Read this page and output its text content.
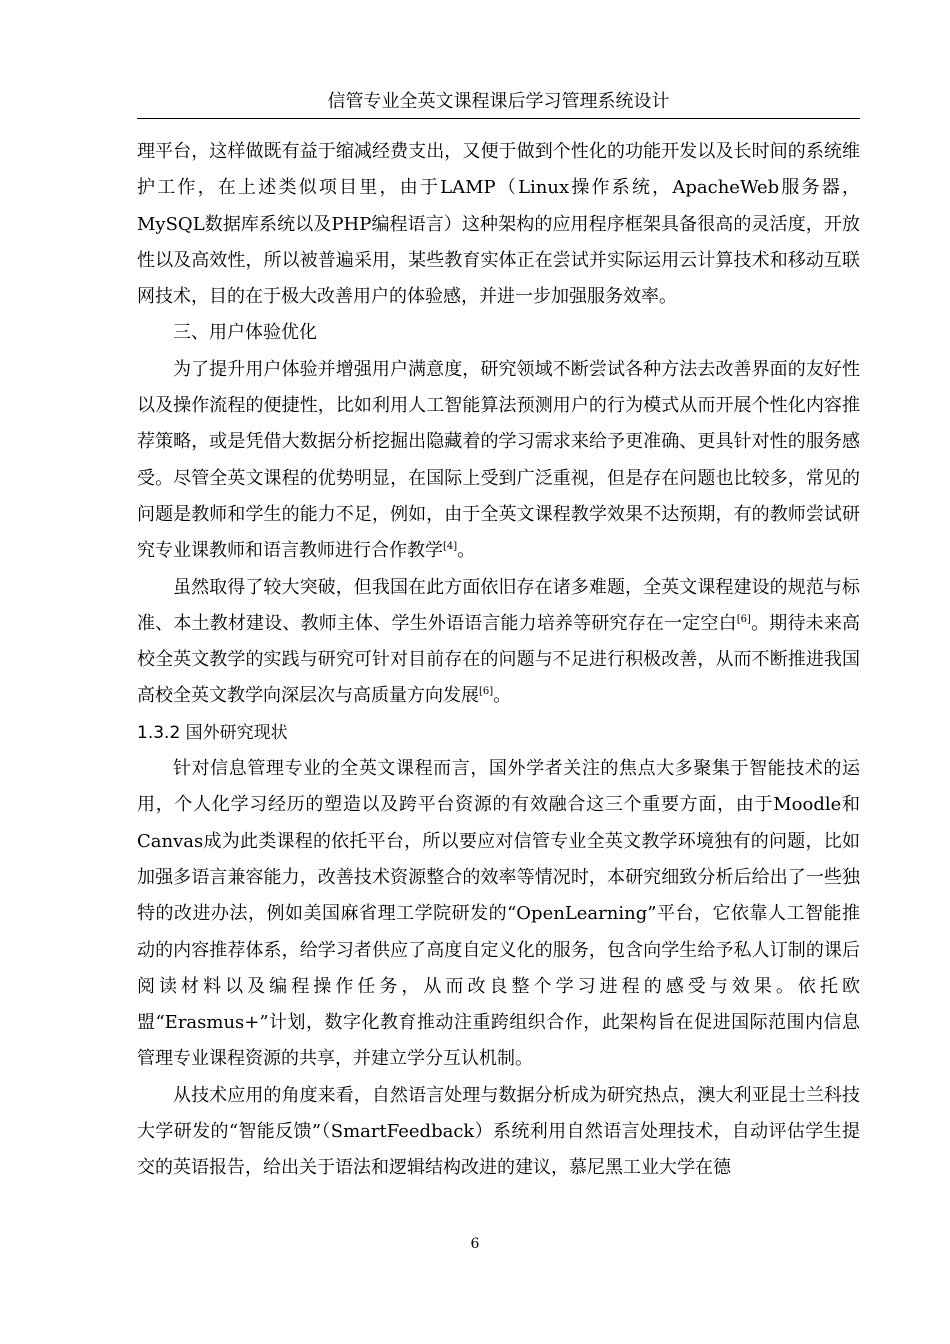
信管专业全英文课程课后学习管理系统设计

理平台，这样做既有益于缩减经费支出，又便于做到个性化的功能开发以及长时间的系统维护工作，在上述类似项目里，由于LAMP（Linux操作系统，ApacheWeb服务器，MySQL数据库系统以及PHP编程语言）这种架构的应用程序框架具备很高的灵活度，开放性以及高效性，所以被普遍采用，某些教育实体正在尝试并实际运用云计算技术和移动互联网技术，目的在于极大改善用户的体验感，并进一步加强服务效率。

三、用户体验优化

为了提升用户体验并增强用户满意度，研究领域不断尝试各种方法去改善界面的友好性以及操作流程的便捷性，比如利用人工智能算法预测用户的行为模式从而开展个性化内容推荐策略，或是凭借大数据分析挖掘出隐藏着的学习需求来给予更准确、更具针对性的服务感受。尽管全英文课程的优势明显，在国际上受到广泛重视，但是存在问题也比较多，常见的问题是教师和学生的能力不足，例如，由于全英文课程教学效果不达预期，有的教师尝试研究专业课教师和语言教师进行合作教学[4]。

虽然取得了较大突破，但我国在此方面依旧存在诸多难题，全英文课程建设的规范与标准、本土教材建设、教师主体、学生外语语言能力培养等研究存在一定空白[6]。期待未来高校全英文教学的实践与研究可针对目前存在的问题与不足进行积极改善，从而不断推进我国高校全英文教学向深层次与高质量方向发展[6]。

1.3.2 国外研究现状

针对信息管理专业的全英文课程而言，国外学者关注的焦点大多聚集于智能技术的运用，个人化学习经历的塑造以及跨平台资源的有效融合这三个重要方面，由于Moodle和Canvas成为此类课程的依托平台，所以要应对信管专业全英文教学环境独有的问题，比如加强多语言兼容能力，改善技术资源整合的效率等情况时，本研究细致分析后给出了一些独特的改进办法，例如美国麻省理工学院研发的“OpenLearning”平台，它依靠人工智能推动的内容推荐体系，给学习者供应了高度自定义化的服务，包含向学生给予私人订制的课后阅读材料以及编程操作任务，从而改良整个学习进程的感受与效果。依托欧盟“Erasmus+”计划，数字化教育推动注重跨组织合作，此架构旨在促进国际范围内信息管理专业课程资源的共享，并建立学分互认机制。

从技术应用的角度来看，自然语言处理与数据分析成为研究热点，澳大利亚昆士兰科技大学研发的“智能反馈”（SmartFeedback）系统利用自然语言处理技术，自动评估学生提交的英语报告，给出关于语法和逻辑结构改进的建议，慕尼黑工业大学在德

6
